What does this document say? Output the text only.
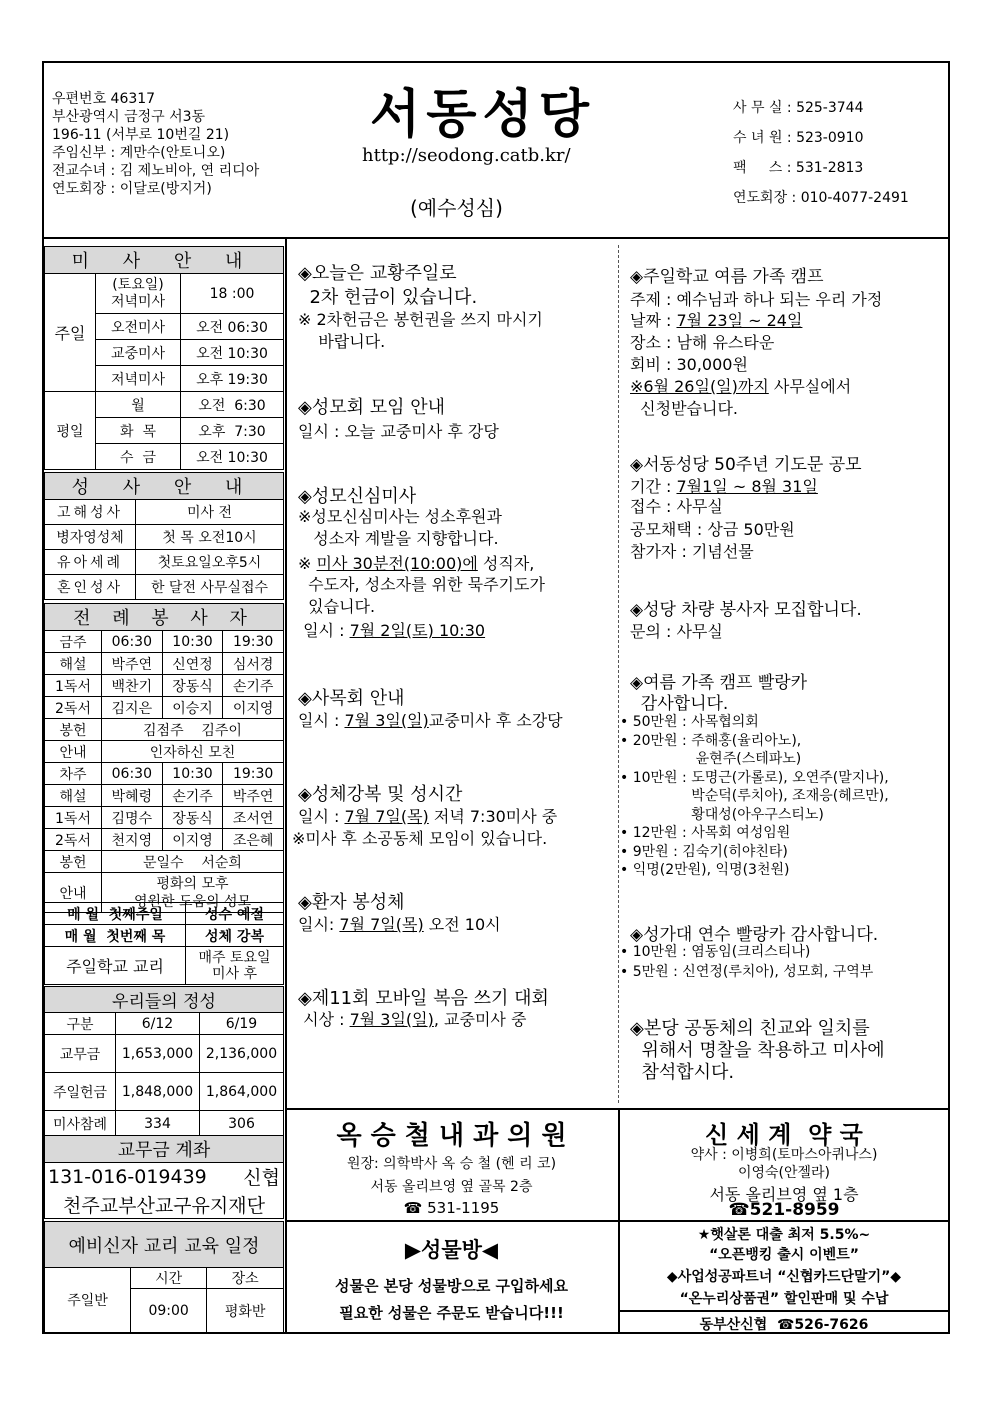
우편번호 46317
부산광역시 금정구 서3동
196-11 (서부로 10번길 21)
주임신부 : 계만수(안토니오)
전교수녀 : 김 제노비아, 연 리디아
연도회장 : 이달로(방지거)
서동성당
http://seodong.catb.kr/
(예수성심)
사 무 실 : 525-3744
수 녀 원 : 523-0910
팩     스 : 531-2813
연도회장 : 010-4077-2491
미 사 안 내		
주일	(토요일)
저녁미사	18 :00
	오전미사	오전 06:30
	교중미사	오전 10:30
	저녁미사	오후 19:30
평일	월	오전  6:30
	화  목	오후  7:30
	수  금	오전 10:30
성 사 안 내	
고해성사	미사 전
병자영성체	첫 목 오전10시
유아세례	첫토요일오후5시
혼인성사	한 달전 사무실접수
전 례 봉 사 자			
금주	06:30	10:30	19:30
해설	박주연	신연정	심서경
1독서	백찬기	장동식	손기주
2독서	김지은	이승지	이지영
봉헌	김점주    김주이		
안내	인자하신 모친		
차주	06:30	10:30	19:30
해설	박혜령	손기주	박주연
1독서	김명수	장동식	조서연
2독서	천지영	이지영	조은혜
봉헌	문일수    서순희		
안내	평화의 모후
영원한 도움의 성모		
매 월  첫째주일	성수 예절
매 월  첫번째 목	성체 강복
주일학교 교리	매주 토요일
미사 후
우리들의 정성		
구분	6/12	6/19
교무금	1,653,000	2,136,000
주일헌금	1,848,000	1,864,000
미사참례	334	306
교무금 계좌
131-016-019439	신협
천주교부산교구유지재단
예비신자 교리 교육 일정		
주일반	시간	장소
	09:00	평화반
◈오늘은 교황주일로
2차 헌금이 있습니다.
※ 2차헌금은 봉헌권을 쓰지 마시기
바랍니다.
◈성모회 모임 안내
일시 : 오늘 교중미사 후 강당
◈성모신심미사
※성모신심미사는 성소후원과
성소자 계발을 지향합니다.
※ 미사 30분전(10:00)에 성직자,
수도자, 성소자를 위한 묵주기도가
있습니다.
일시 : 7월 2일(토) 10:30
◈사목회 안내
일시 : 7월 3일(일)교중미사 후 소강당
◈성체강복 및 성시간
일시 : 7월 7일(목) 저녁 7:30미사 중
※미사 후 소공동체 모임이 있습니다.
◈환자 봉성체
일시: 7월 7일(목) 오전 10시
◈제11회 모바일 복음 쓰기 대회
시상 : 7월 3일(일), 교중미사 중
◈주일학교 여름 가족 캠프
주제 : 예수님과 하나 되는 우리 가정
날짜 : 7월 23일 ~ 24일
장소 : 남해 유스타운
회비 : 30,000원
※6월 26일(일)까지 사무실에서
신청받습니다.
◈서동성당 50주년 기도문 공모
기간 : 7월1일 ~ 8월 31일
접수 : 사무실
공모채택 : 상금 50만원
참가자 : 기념선물
◈성당 차량 봉사자 모집합니다.
문의 : 사무실
◈여름 가족 캠프 빨랑카
감사합니다.
• 50만원 : 사목협의회
• 20만원 : 주해홍(율리아노),
윤현주(스테파노)
• 10만원 : 도명근(가롤로), 오연주(말지나),
박순덕(루치아), 조재응(헤르만),
황대성(아우구스티노)
• 12만원 : 사목회 여성임원
• 9만원 : 김숙기(히야친타)
• 익명(2만원), 익명(3천원)
◈성가대 연수 빨랑카 감사합니다.
• 10만원 : 염동임(크리스티나)
• 5만원 : 신연정(루치아), 성모회, 구역부
◈본당 공동체의 친교와 일치를
위해서 명찰을 착용하고 미사에
참석합시다.
옥 승 철 내 과 의 원
원장: 의학박사 옥 승 철 (헨 리 코)
서동 올리브영 옆 골목 2층
☎ 531-1195
신 세 계  약 국
약사 : 이병희(토마스아퀴나스)
이영숙(안젤라)
서동 올리브영 옆 1층
☎521-8959
▶성물방◀
성물은 본당 성물방으로 구입하세요
필요한 성물은 주문도 받습니다!!!
★햇살론 대출 최저 5.5%~
“오픈뱅킹 출시 이벤트”
◆사업성공파트너 “신협카드단말기”◆
“온누리상품권” 할인판매 및 수납
동부산신협  ☎526-7626
